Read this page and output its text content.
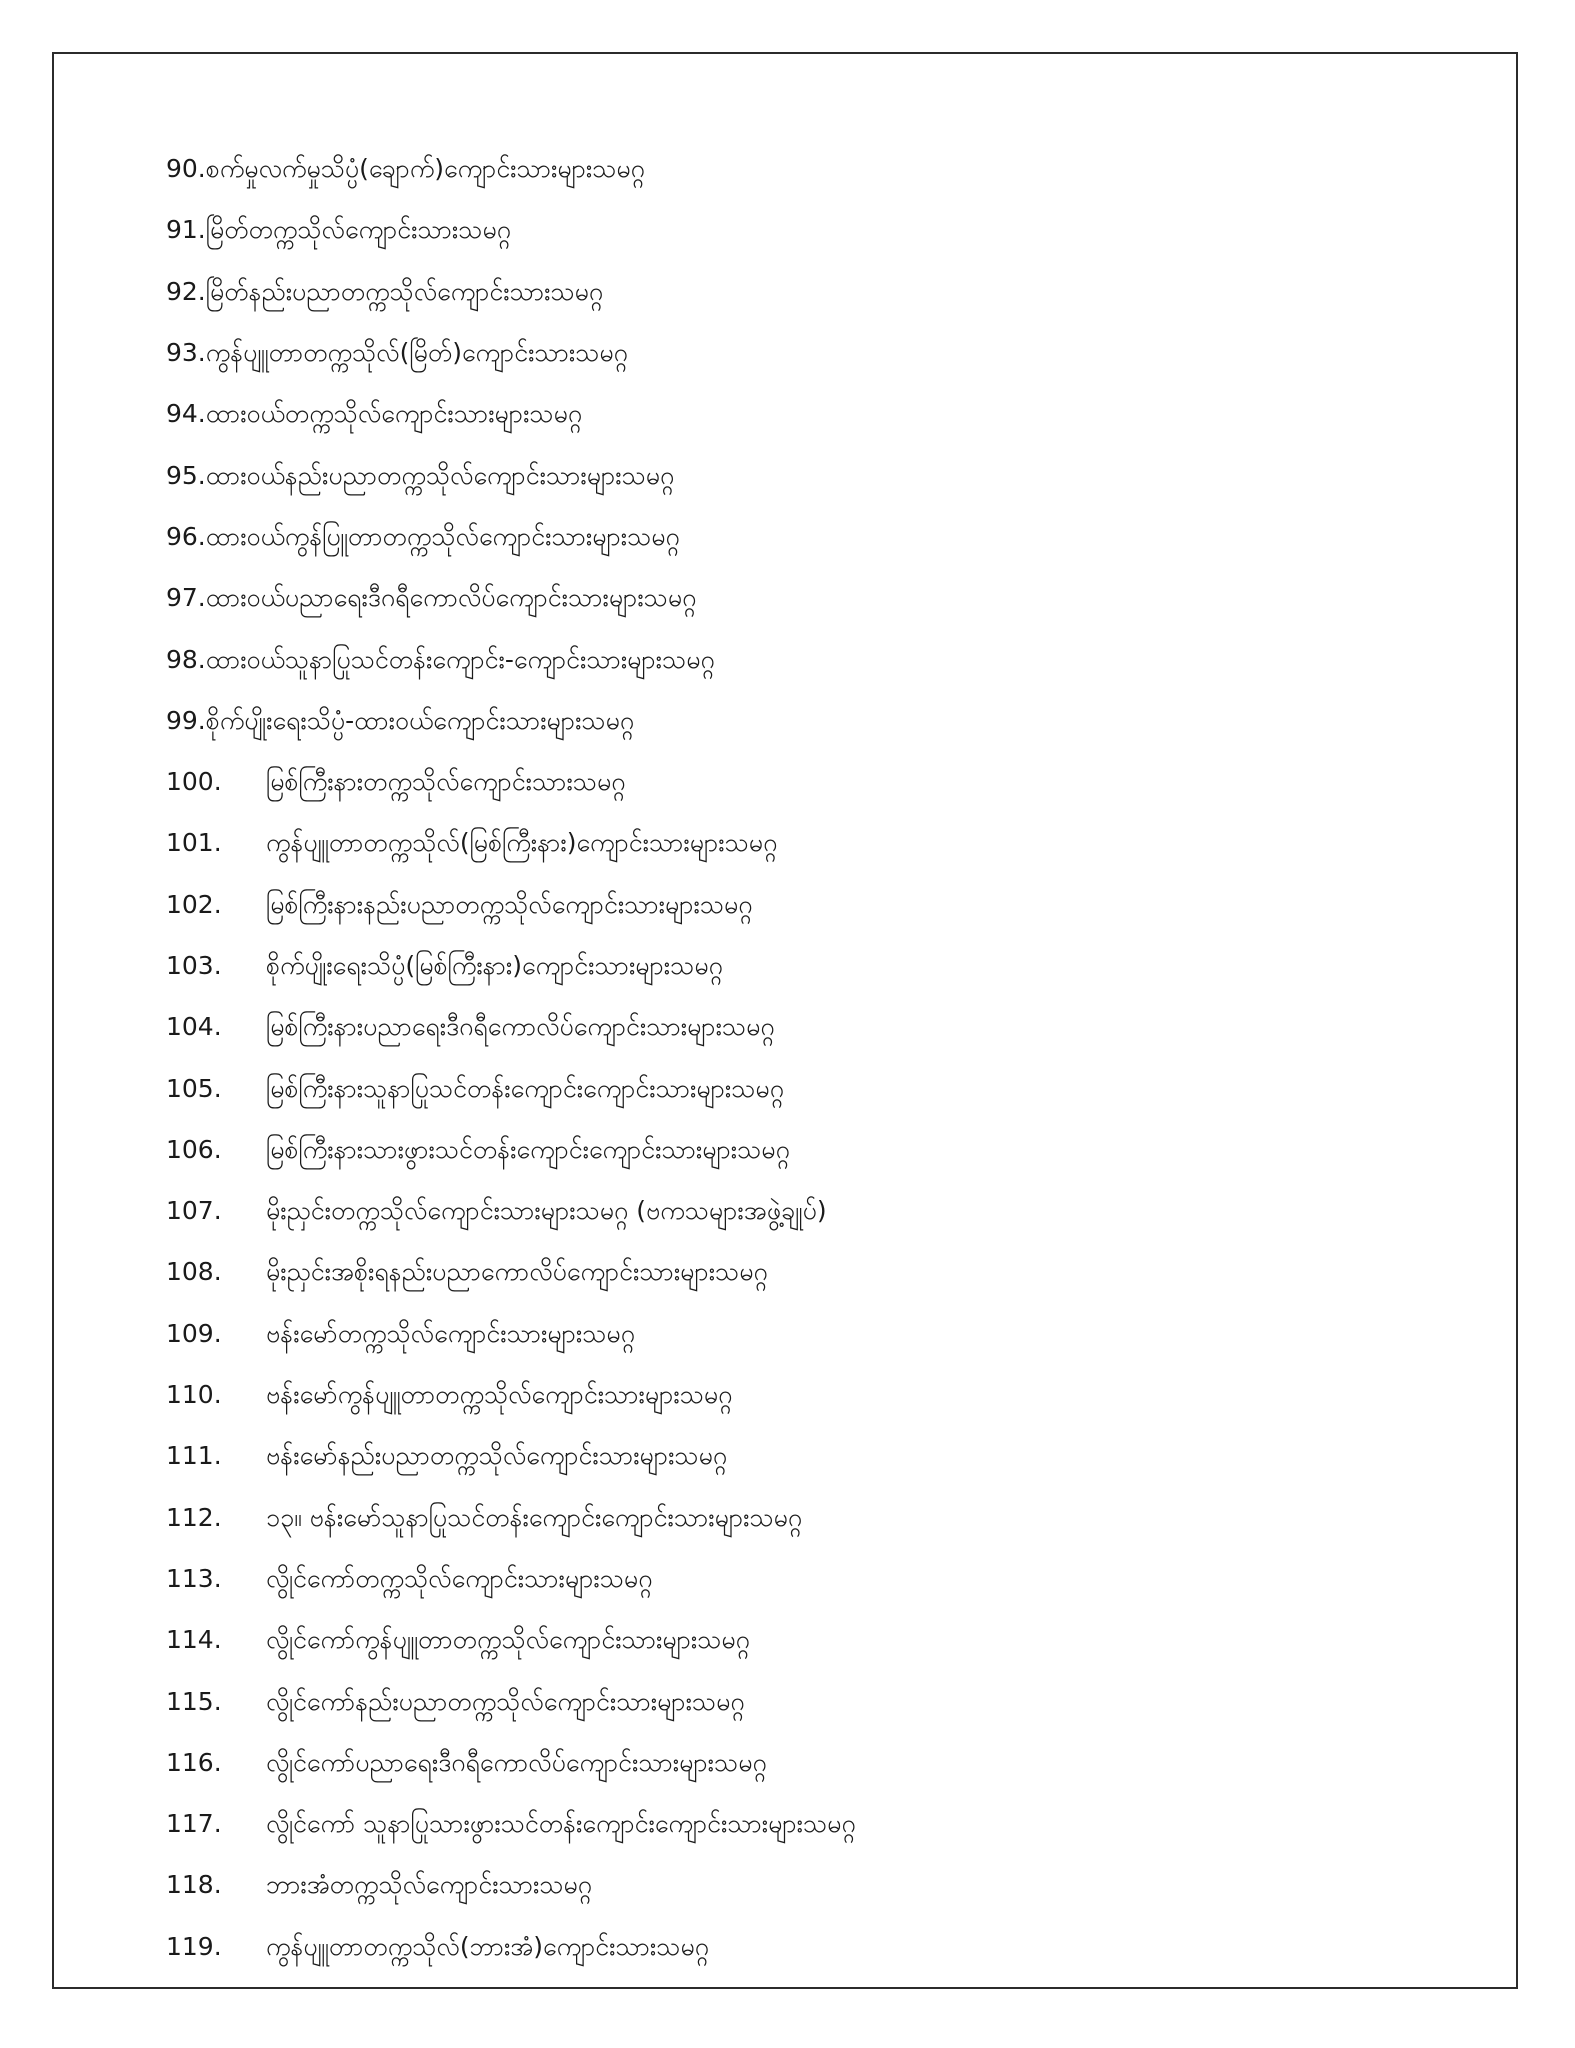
90. စက်မှုလက်မှုသိပ္ပံ(ချောက်)ကျောင်းသားများသမဂ္ဂ
91. မြိတ်တက္ကသိုလ်ကျောင်းသားသမဂ္ဂ
92. မြိတ်နည်းပညာတက္ကသိုလ်ကျောင်းသားသမဂ္ဂ
93. ကွန်ပျူတာတက္ကသိုလ်(မြိတ်)ကျောင်းသားသမဂ္ဂ
94. ထားဝယ်တက္ကသိုလ်ကျောင်းသားများသမဂ္ဂ
95. ထားဝယ်နည်းပညာတက္ကသိုလ်ကျောင်းသားများသမဂ္ဂ
96. ထားဝယ်ကွန်ပြူတာတက္ကသိုလ်ကျောင်းသားများသမဂ္ဂ
97. ထားဝယ်ပညာရေးဒီဂရီကောလိပ်ကျောင်းသားများသမဂ္ဂ
98. ထားဝယ်သူနာပြုသင်တန်းကျောင်း-ကျောင်းသားများသမဂ္ဂ
99. စိုက်ပျိုးရေးသိပ္ပံ-ထားဝယ်ကျောင်းသားများသမဂ္ဂ
100.	မြစ်ကြီးနားတက္ကသိုလ်ကျောင်းသားသမဂ္ဂ
101.	ကွန်ပျူတာတက္ကသိုလ်(မြစ်ကြီးနား)ကျောင်းသားများသမဂ္ဂ
102.	မြစ်ကြီးနားနည်းပညာတက္ကသိုလ်ကျောင်းသားများသမဂ္ဂ
103.	စိုက်ပျိုးရေးသိပ္ပံ(မြစ်ကြီးနား)ကျောင်းသားများသမဂ္ဂ
104.	မြစ်ကြီးနားပညာရေးဒီဂရီကောလိပ်ကျောင်းသားများသမဂ္ဂ
105.	မြစ်ကြီးနားသူနာပြုသင်တန်းကျောင်းကျောင်းသားများသမဂ္ဂ
106.	မြစ်ကြီးနားသားဖွားသင်တန်းကျောင်းကျောင်းသားများသမဂ္ဂ
107.	မိုးညှင်းတက္ကသိုလ်ကျောင်းသားများသမဂ္ဂ (ဗကသများအဖွဲ့ချုပ်)
108.	မိုးညှင်းအစိုးရနည်းပညာကောလိပ်ကျောင်းသားများသမဂ္ဂ
109.	ဗန်းမော်တက္ကသိုလ်ကျောင်းသားများသမဂ္ဂ
110.	ဗန်းမော်ကွန်ပျူတာတက္ကသိုလ်ကျောင်းသားများသမဂ္ဂ
111.	ဗန်းမော်နည်းပညာတက္ကသိုလ်ကျောင်းသားများသမဂ္ဂ
112.	၁၃။ ဗန်းမော်သူနာပြုသင်တန်းကျောင်းကျောင်းသားများသမဂ္ဂ
113.	လွိုင်ကော်တက္ကသိုလ်ကျောင်းသားများသမဂ္ဂ
114.	လွိုင်ကော်ကွန်ပျူတာတက္ကသိုလ်ကျောင်းသားများသမဂ္ဂ
115.	လွိုင်ကော်နည်းပညာတက္ကသိုလ်ကျောင်းသားများသမဂ္ဂ
116.	လွိုင်ကော်ပညာရေးဒီဂရီကောလိပ်ကျောင်းသားများသမဂ္ဂ
117.	လွိုင်ကော် သူနာပြုသားဖွားသင်တန်းကျောင်းကျောင်းသားများသမဂ္ဂ
118.	ဘားအံတက္ကသိုလ်ကျောင်းသားသမဂ္ဂ
119.	ကွန်ပျူတာတက္ကသိုလ်(ဘားအံ)ကျောင်းသားသမဂ္ဂ
